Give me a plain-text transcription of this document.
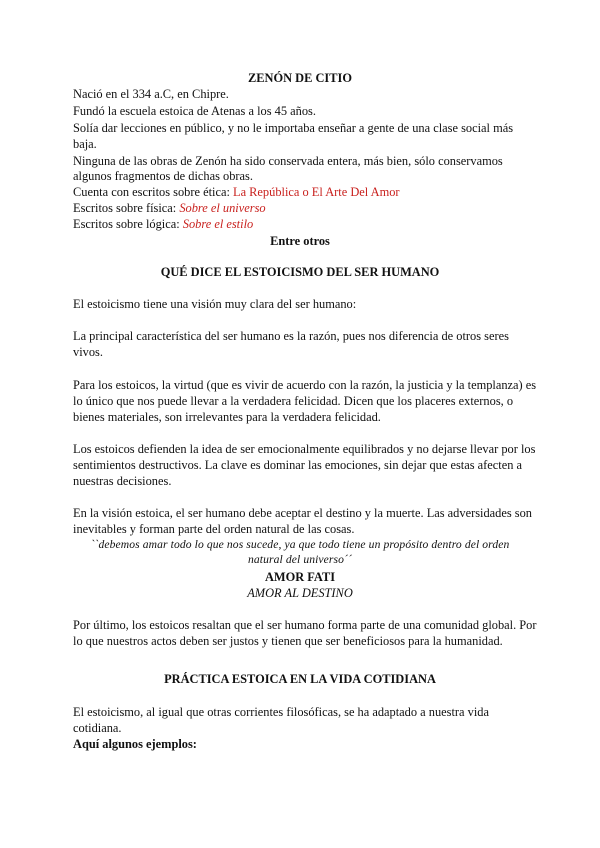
ZENÓN DE CITIO
Nació en el 334 a.C, en Chipre.
Fundó la escuela estoica de Atenas a los 45 años.
Solía dar lecciones en público, y no le importaba enseñar a gente de una clase social más
baja.
Ninguna de las obras de Zenón ha sido conservada entera, más bien, sólo conservamos
algunos fragmentos de dichas obras.
Cuenta con escritos sobre ética: La República o El Arte Del Amor
Escritos sobre física: Sobre el universo
Escritos sobre lógica: Sobre el estilo
Entre otros
QUÉ DICE EL ESTOICISMO DEL SER HUMANO
El estoicismo tiene una visión muy clara del ser humano:
La principal característica del ser humano es la razón, pues nos diferencia de otros seres
vivos.
Para los estoicos, la virtud (que es vivir de acuerdo con la razón, la justicia y la templanza) es
lo único que nos puede llevar a la verdadera felicidad. Dicen que los placeres externos, o
bienes materiales, son irrelevantes para la verdadera felicidad.
Los estoicos defienden la idea de ser emocionalmente equilibrados y no dejarse llevar por los
sentimientos destructivos. La clave es dominar las emociones, sin dejar que estas afecten a
nuestras decisiones.
En la visión estoica, el ser humano debe aceptar el destino y la muerte. Las adversidades son
inevitables y forman parte del orden natural de las cosas.
``debemos amar todo lo que nos sucede, ya que todo tiene un propósito dentro del orden
natural del universo´´
AMOR FATI
AMOR AL DESTINO
Por último, los estoicos resaltan que el ser humano forma parte de una comunidad global. Por
lo que nuestros actos deben ser justos y tienen que ser beneficiosos para la humanidad.
PRÁCTICA ESTOICA EN LA VIDA COTIDIANA
El estoicismo, al igual que otras corrientes filosóficas, se ha adaptado a nuestra vida
cotidiana.
Aquí algunos ejemplos:
